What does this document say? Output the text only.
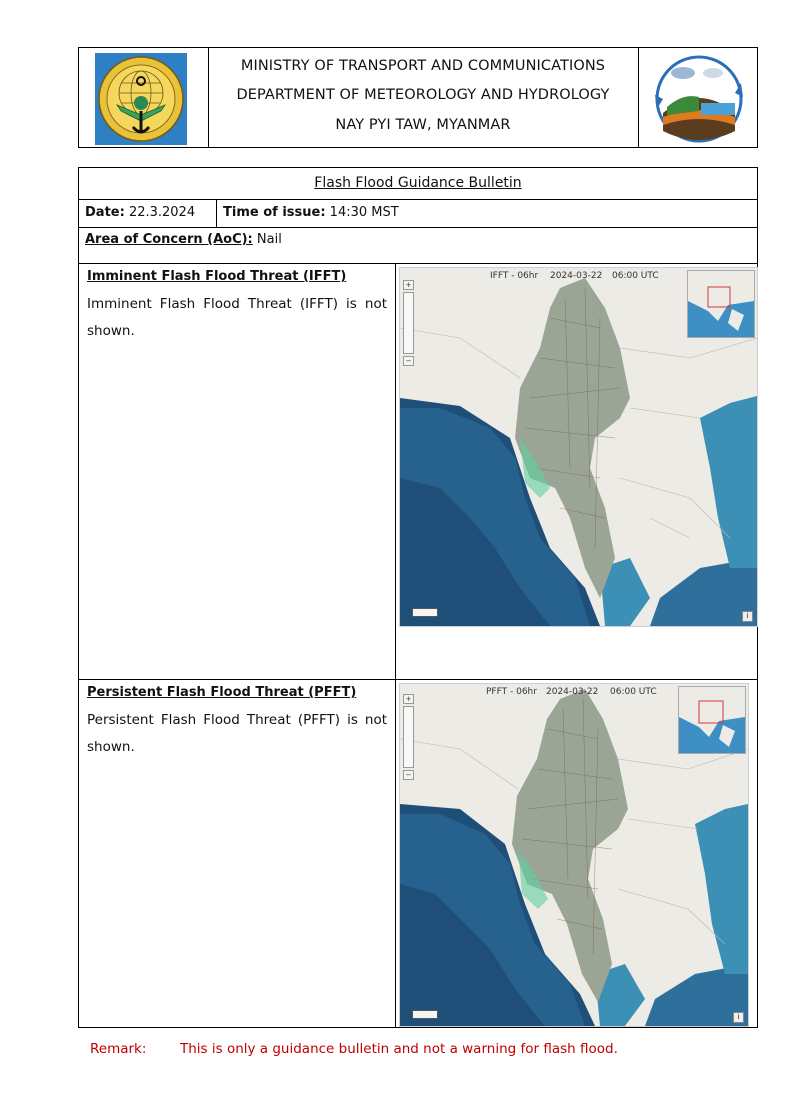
MINISTRY OF TRANSPORT AND COMMUNICATIONS
DEPARTMENT OF METEOROLOGY AND HYDROLOGY
NAY PYI TAW, MYANMAR
Flash Flood Guidance Bulletin
Date: 22.3.2024	Time of issue: 14:30 MST
Area of Concern (AoC): Nail
Imminent Flash Flood Threat (IFFT)

Imminent Flash Flood Threat (IFFT) is not shown.

IFFT - 06hr 2024-03-22 06:00 UTC
+
−
i
Persistent Flash Flood Threat (PFFT)

Persistent Flash Flood Threat (PFFT) is not shown.

PFFT - 06hr 2024-03-22 06:00 UTC
+
−
i
Remark: This is only a guidance bulletin and not a warning for flash flood.
